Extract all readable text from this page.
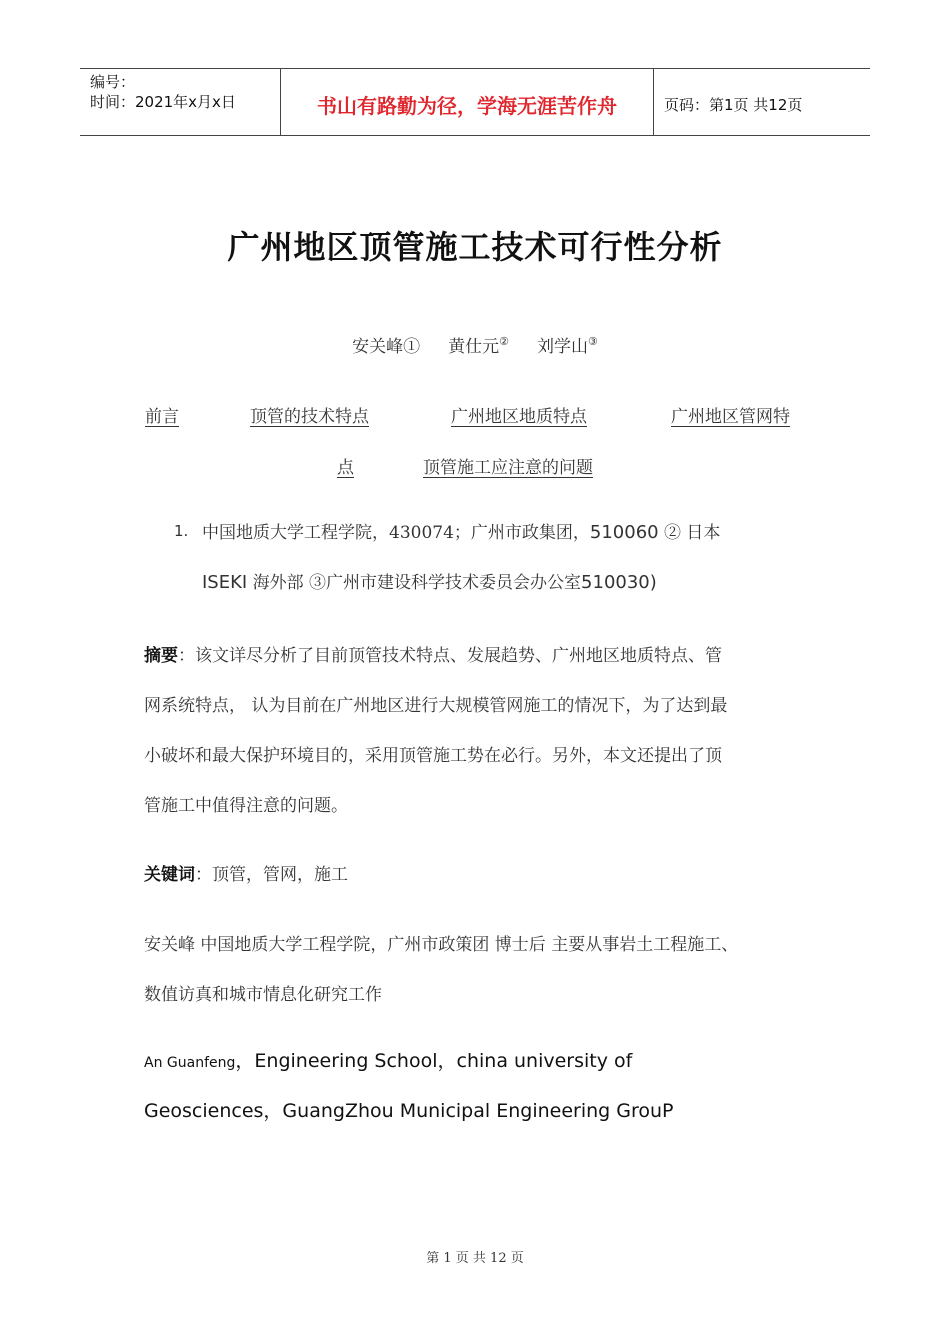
编号：
时间：2021年x月x日	书山有路勤为径，学海无涯苦作舟	页码：第1页 共12页
广州地区顶管施工技术可行性分析
安关峰① 黄仕元② 刘学山③
前言	顶管的技术特点	广州地区地质特点	广州地区管网特
点	顶管施工应注意的问题
1. 中国地质大学工程学院，430074；广州市政集团，510060 ② 日本
ISEKI 海外部 ③广州市建设科学技术委员会办公室510030)
摘要：该文详尽分析了目前顶管技术特点、发展趋势、广州地区地质特点、管
网系统特点， 认为目前在广州地区进行大规模管网施工的情况下，为了达到最
小破坏和最大保护环境目的，采用顶管施工势在必行。另外，本文还提出了顶
管施工中值得注意的问题。
关键词：顶管，管网，施工
安关峰 中国地质大学工程学院，广州市政策团 博士后 主要从事岩土工程施工、
数值访真和城市情息化研究工作
An Guanfeng，Engineering School，china university of
Geosciences，GuangZhou Municipal Engineering GrouP
第 1 页 共 12 页
